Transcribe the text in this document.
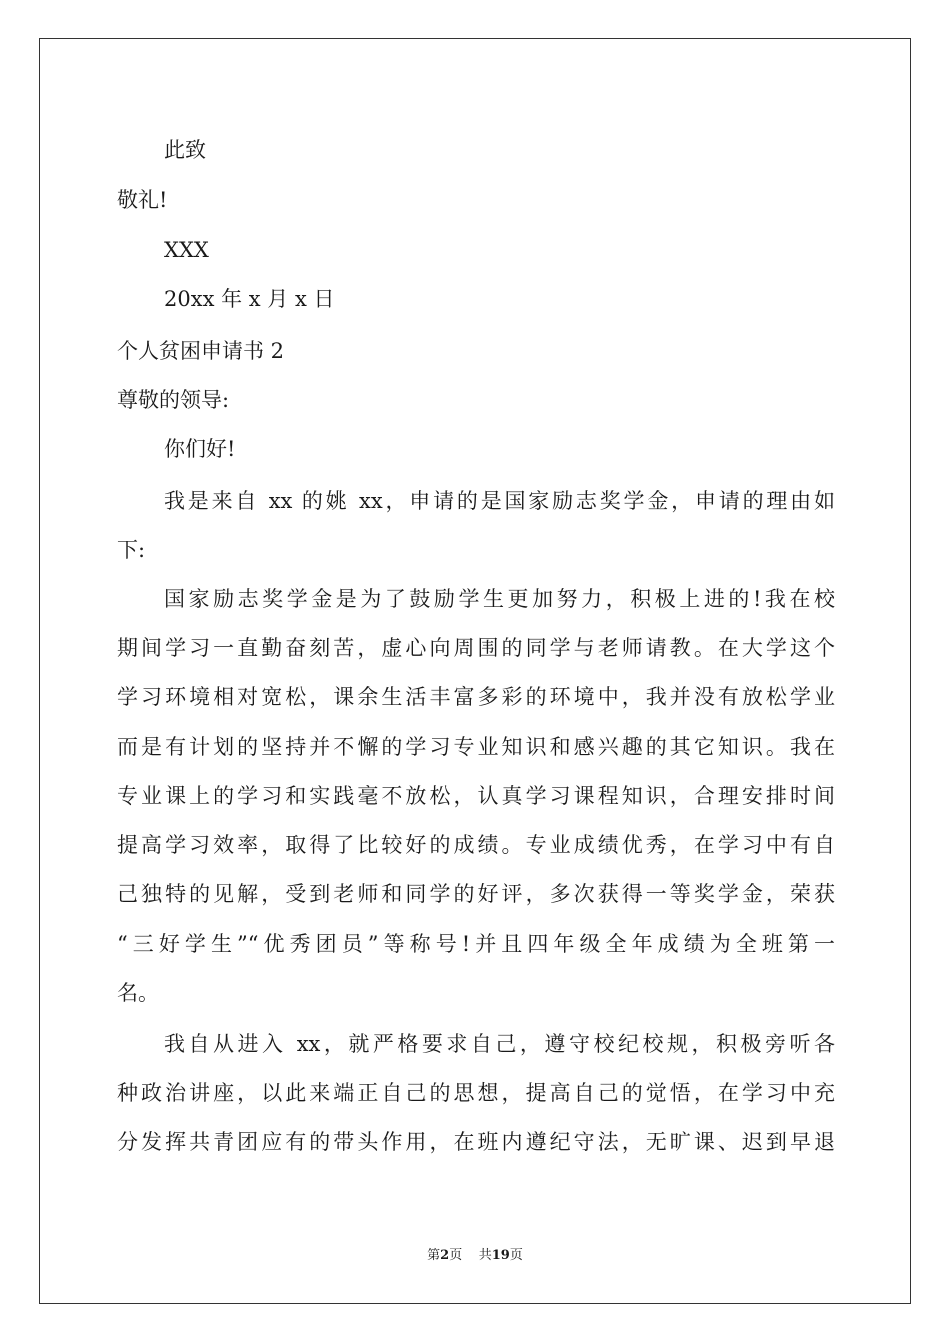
此致
敬礼!
XXX
20xx 年 x 月 x 日
个人贫困申请书 2
尊敬的领导:
你们好!
我是来自 xx 的姚 xx，申请的是国家励志奖学金，申请的理由如
下:
国家励志奖学金是为了鼓励学生更加努力，积极上进的!我在校
期间学习一直勤奋刻苦，虚心向周围的同学与老师请教。在大学这个
学习环境相对宽松，课余生活丰富多彩的环境中，我并没有放松学业
而是有计划的坚持并不懈的学习专业知识和感兴趣的其它知识。我在
专业课上的学习和实践毫不放松，认真学习课程知识，合理安排时间
提高学习效率，取得了比较好的成绩。专业成绩优秀，在学习中有自
己独特的见解，受到老师和同学的好评，多次获得一等奖学金，荣获
“三好学生”“优秀团员”等称号!并且四年级全年成绩为全班第一
名。
我自从进入 xx，就严格要求自己，遵守校纪校规，积极旁听各
种政治讲座，以此来端正自己的思想，提高自己的觉悟，在学习中充
分发挥共青团应有的带头作用，在班内遵纪守法，无旷课、迟到早退
第2页 共19页
